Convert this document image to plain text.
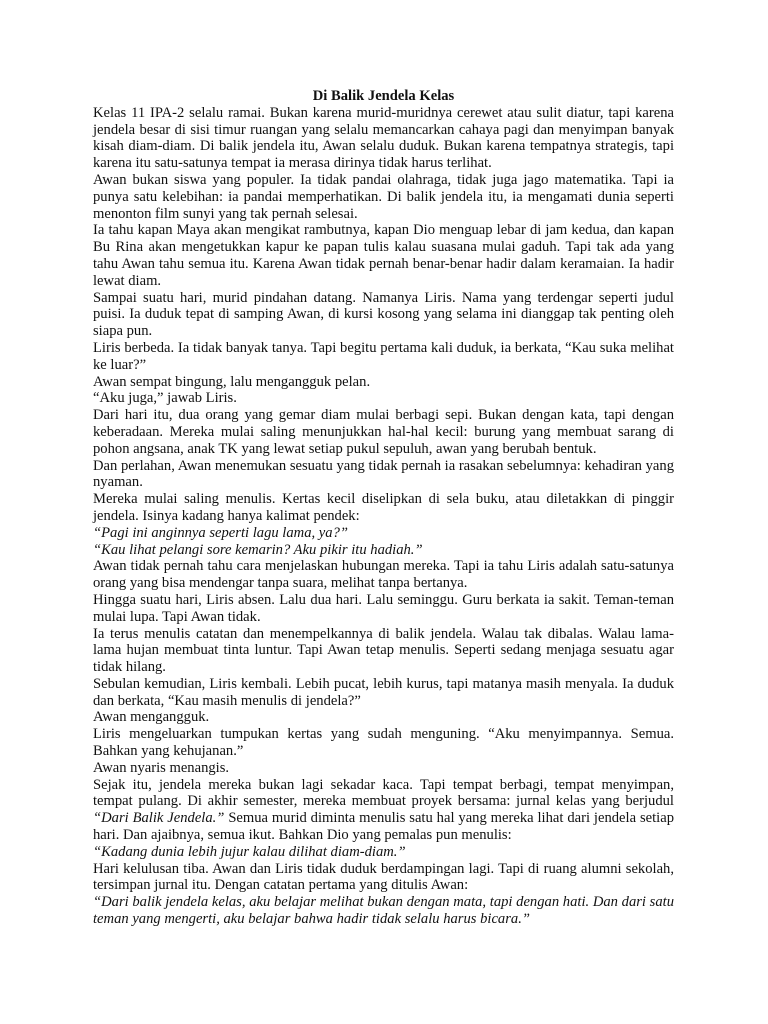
Di Balik Jendela Kelas

Kelas 11 IPA-2 selalu ramai. Bukan karena murid-muridnya cerewet atau sulit diatur, tapi karena jendela besar di sisi timur ruangan yang selalu memancarkan cahaya pagi dan menyimpan banyak kisah diam-diam. Di balik jendela itu, Awan selalu duduk. Bukan karena tempatnya strategis, tapi karena itu satu-satunya tempat ia merasa dirinya tidak harus terlihat.

Awan bukan siswa yang populer. Ia tidak pandai olahraga, tidak juga jago matematika. Tapi ia punya satu kelebihan: ia pandai memperhatikan. Di balik jendela itu, ia mengamati dunia seperti menonton film sunyi yang tak pernah selesai.

Ia tahu kapan Maya akan mengikat rambutnya, kapan Dio menguap lebar di jam kedua, dan kapan Bu Rina akan mengetukkan kapur ke papan tulis kalau suasana mulai gaduh. Tapi tak ada yang tahu Awan tahu semua itu. Karena Awan tidak pernah benar-benar hadir dalam keramaian. Ia hadir lewat diam.

Sampai suatu hari, murid pindahan datang. Namanya Liris. Nama yang terdengar seperti judul puisi. Ia duduk tepat di samping Awan, di kursi kosong yang selama ini dianggap tak penting oleh siapa pun.

Liris berbeda. Ia tidak banyak tanya. Tapi begitu pertama kali duduk, ia berkata, “Kau suka melihat ke luar?”

Awan sempat bingung, lalu mengangguk pelan.

“Aku juga,” jawab Liris.

Dari hari itu, dua orang yang gemar diam mulai berbagi sepi. Bukan dengan kata, tapi dengan keberadaan. Mereka mulai saling menunjukkan hal-hal kecil: burung yang membuat sarang di pohon angsana, anak TK yang lewat setiap pukul sepuluh, awan yang berubah bentuk.

Dan perlahan, Awan menemukan sesuatu yang tidak pernah ia rasakan sebelumnya: kehadiran yang nyaman.

Mereka mulai saling menulis. Kertas kecil diselipkan di sela buku, atau diletakkan di pinggir jendela. Isinya kadang hanya kalimat pendek:

“Pagi ini anginnya seperti lagu lama, ya?”

“Kau lihat pelangi sore kemarin? Aku pikir itu hadiah.”

Awan tidak pernah tahu cara menjelaskan hubungan mereka. Tapi ia tahu Liris adalah satu-satunya orang yang bisa mendengar tanpa suara, melihat tanpa bertanya.

Hingga suatu hari, Liris absen. Lalu dua hari. Lalu seminggu. Guru berkata ia sakit. Teman-teman mulai lupa. Tapi Awan tidak.

Ia terus menulis catatan dan menempelkannya di balik jendela. Walau tak dibalas. Walau lama-lama hujan membuat tinta luntur. Tapi Awan tetap menulis. Seperti sedang menjaga sesuatu agar tidak hilang.

Sebulan kemudian, Liris kembali. Lebih pucat, lebih kurus, tapi matanya masih menyala. Ia duduk dan berkata, “Kau masih menulis di jendela?”

Awan mengangguk.

Liris mengeluarkan tumpukan kertas yang sudah menguning. “Aku menyimpannya. Semua. Bahkan yang kehujanan.”

Awan nyaris menangis.

Sejak itu, jendela mereka bukan lagi sekadar kaca. Tapi tempat berbagi, tempat menyimpan, tempat pulang. Di akhir semester, mereka membuat proyek bersama: jurnal kelas yang berjudul “Dari Balik Jendela.” Semua murid diminta menulis satu hal yang mereka lihat dari jendela setiap hari. Dan ajaibnya, semua ikut. Bahkan Dio yang pemalas pun menulis:

“Kadang dunia lebih jujur kalau dilihat diam-diam.”

Hari kelulusan tiba. Awan dan Liris tidak duduk berdampingan lagi. Tapi di ruang alumni sekolah, tersimpan jurnal itu. Dengan catatan pertama yang ditulis Awan:

“Dari balik jendela kelas, aku belajar melihat bukan dengan mata, tapi dengan hati. Dan dari satu teman yang mengerti, aku belajar bahwa hadir tidak selalu harus bicara.”
